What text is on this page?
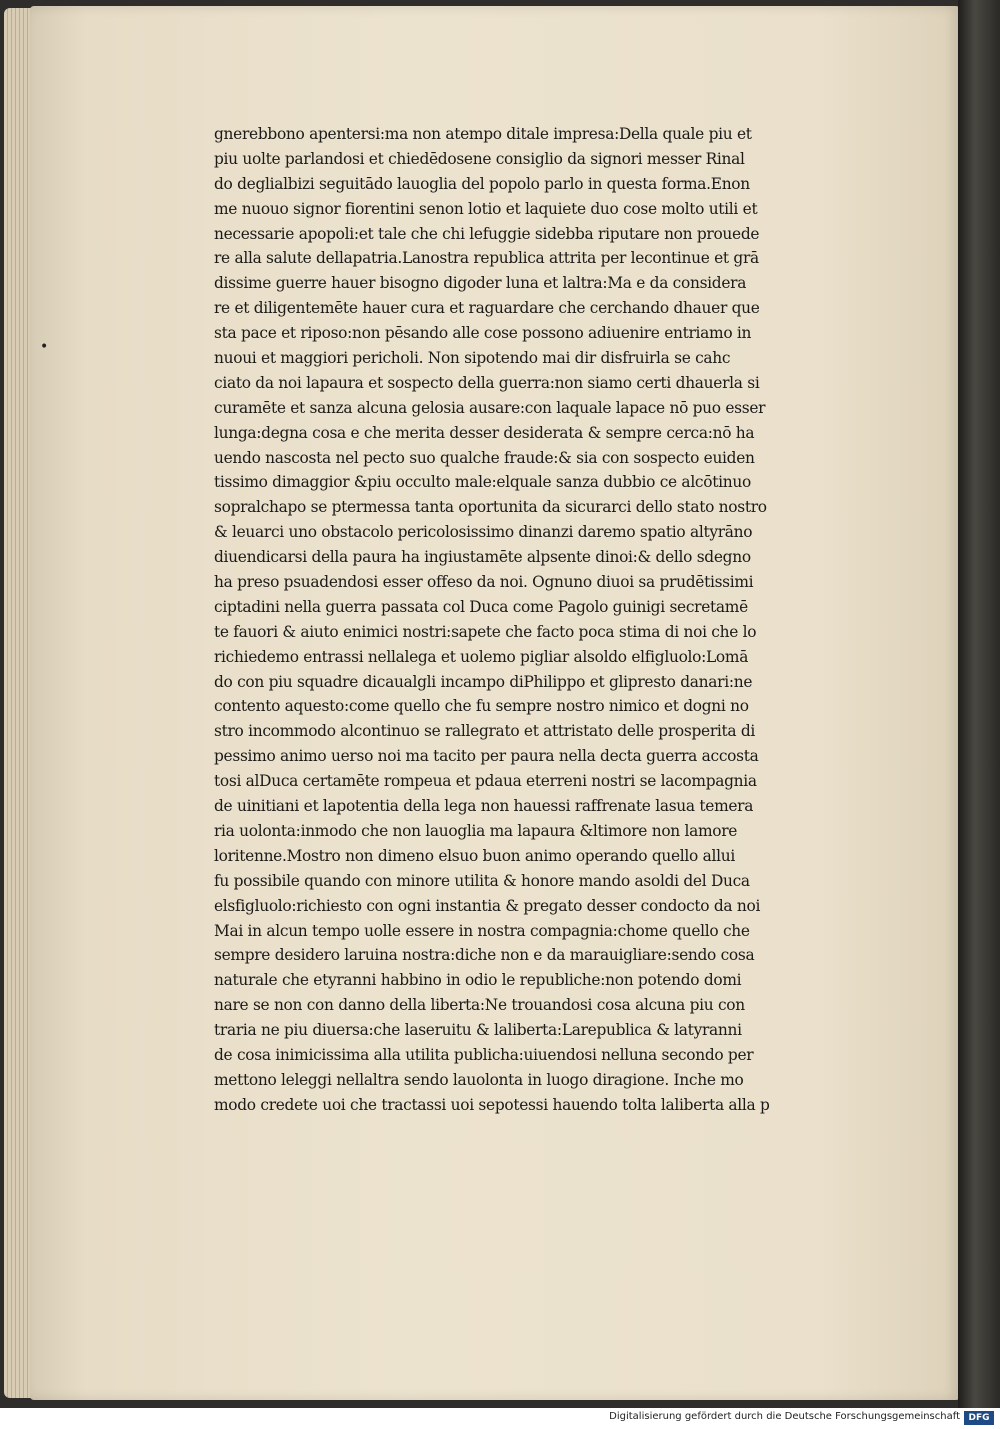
•
gnerebbono apentersi:ma non atempo ditale impresa:Della quale piu et
piu uolte parlandosi et chiedēdosene consiglio da signori messer Rinal
do deglialbizi seguitādo lauoglia del popolo parlo in questa forma.Enon
me nuouo signor fiorentini senon lotio et laquiete duo cose molto utili et
necessarie apopoli:et tale che chi lefuggie sidebba riputare non prouede
re alla salute dellapatria.Lanostra republica attrita per lecontinue et grā
dissime guerre hauer bisogno digoder luna et laltra:Ma e da considera
re et diligentemēte hauer cura et raguardare che cerchando dhauer que
sta pace et riposo:non pēsando alle cose possono adiuenire entriamo in
nuoui et maggiori pericholi. Non sipotendo mai dir disfruirla se cahc
ciato da noi lapaura et sospecto della guerra:non siamo certi dhauerla si
curamēte et sanza alcuna gelosia ausare:con laquale lapace nō puo esser
lunga:degna cosa e che merita desser desiderata & sempre cerca:nō ha
uendo nascosta nel pecto suo qualche fraude:& sia con sospecto euiden
tissimo dimaggior &piu occulto male:elquale sanza dubbio ce alcōtinuo
sopralchapo se ptermessa tanta oportunita da sicurarci dello stato nostro
& leuarci uno obstacolo pericolosissimo dinanzi daremo spatio altyrāno
diuendicarsi della paura ha ingiustamēte alpsente dinoi:& dello sdegno
ha preso psuadendosi esser offeso da noi. Ognuno diuoi sa prudētissimi
ciptadini nella guerra passata col Duca come Pagolo guinigi secretamē
te fauori & aiuto enimici nostri:sapete che facto poca stima di noi che lo
richiedemo entrassi nellalega et uolemo pigliar alsoldo elfigluolo:Lomā
do con piu squadre dicaualgli incampo diPhilippo et glipresto danari:ne
contento aquesto:come quello che fu sempre nostro nimico et dogni no
stro incommodo alcontinuo se rallegrato et attristato delle prosperita di
pessimo animo uerso noi ma tacito per paura nella decta guerra accosta
tosi alDuca certamēte rompeua et pdaua eterreni nostri se lacompagnia
de uinitiani et lapotentia della lega non hauessi raffrenate lasua temera
ria uolonta:inmodo che non lauoglia ma lapaura &ltimore non lamore
loritenne.Mostro non dimeno elsuo buon animo operando quello allui
fu possibile quando con minore utilita & honore mando asoldi del Duca
elsfigluolo:richiesto con ogni instantia & pregato desser condocto da noi
Mai in alcun tempo uolle essere in nostra compagnia:chome quello che
sempre desidero laruina nostra:diche non e da marauigliare:sendo cosa
naturale che etyranni habbino in odio le republiche:non potendo domi
nare se non con danno della liberta:Ne trouandosi cosa alcuna piu con
traria ne piu diuersa:che laseruitu & laliberta:Larepublica & latyranni
de cosa inimicissima alla utilita publicha:uiuendosi nelluna secondo per
mettono leleggi nellaltra sendo lauolonta in luogo diragione. Inche mo
modo credete uoi che tractassi uoi sepotessi hauendo tolta laliberta alla p
Digitalisierung gefördert durch die Deutsche Forschungsgemeinschaft DFG
